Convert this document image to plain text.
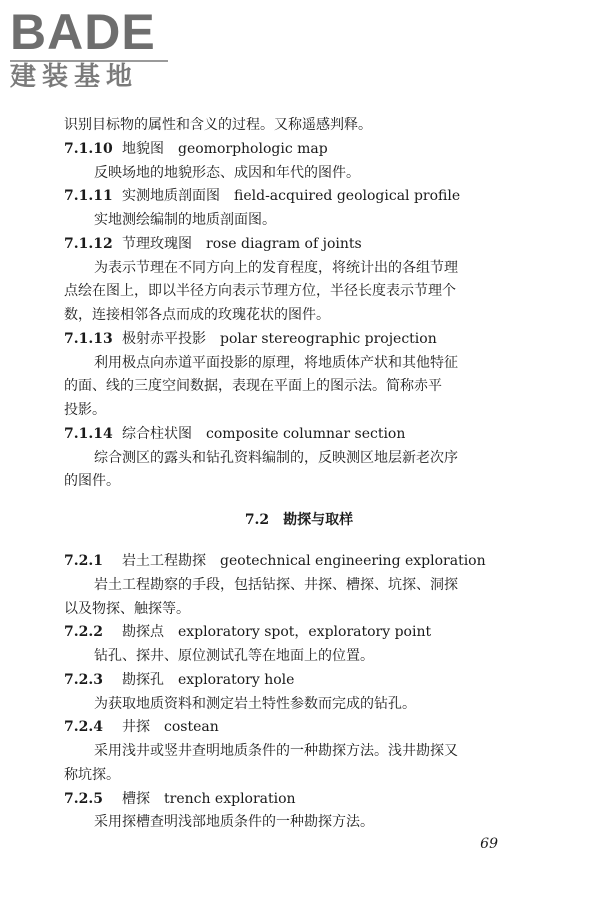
BADE
建装基地
识别目标物的属性和含义的过程。又称遥感判释。
7.1.10 地貌图 geomorphologic map
反映场地的地貌形态、成因和年代的图件。
7.1.11 实测地质剖面图 field-acquired geological profile
实地测绘编制的地质剖面图。
7.1.12 节理玫瑰图 rose diagram of joints
为表示节理在不同方向上的发育程度，将统计出的各组节理
点绘在图上，即以半径方向表示节理方位，半径长度表示节理个
数，连接相邻各点而成的玫瑰花状的图件。
7.1.13 极射赤平投影 polar stereographic projection
利用极点向赤道平面投影的原理，将地质体产状和其他特征
的面、线的三度空间数据，表现在平面上的图示法。简称赤平
投影。
7.1.14 综合柱状图 composite columnar section
综合测区的露头和钻孔资料编制的，反映测区地层新老次序
的图件。
7.2　勘探与取样
7.2.1 岩土工程勘探 geotechnical engineering exploration
岩土工程勘察的手段，包括钻探、井探、槽探、坑探、洞探
以及物探、触探等。
7.2.2 勘探点 exploratory spot，exploratory point
钻孔、探井、原位测试孔等在地面上的位置。
7.2.3 勘探孔 exploratory hole
为获取地质资料和测定岩土特性参数而完成的钻孔。
7.2.4 井探 costean
采用浅井或竖井查明地质条件的一种勘探方法。浅井勘探又
称坑探。
7.2.5 槽探 trench exploration
采用探槽查明浅部地质条件的一种勘探方法。
69
